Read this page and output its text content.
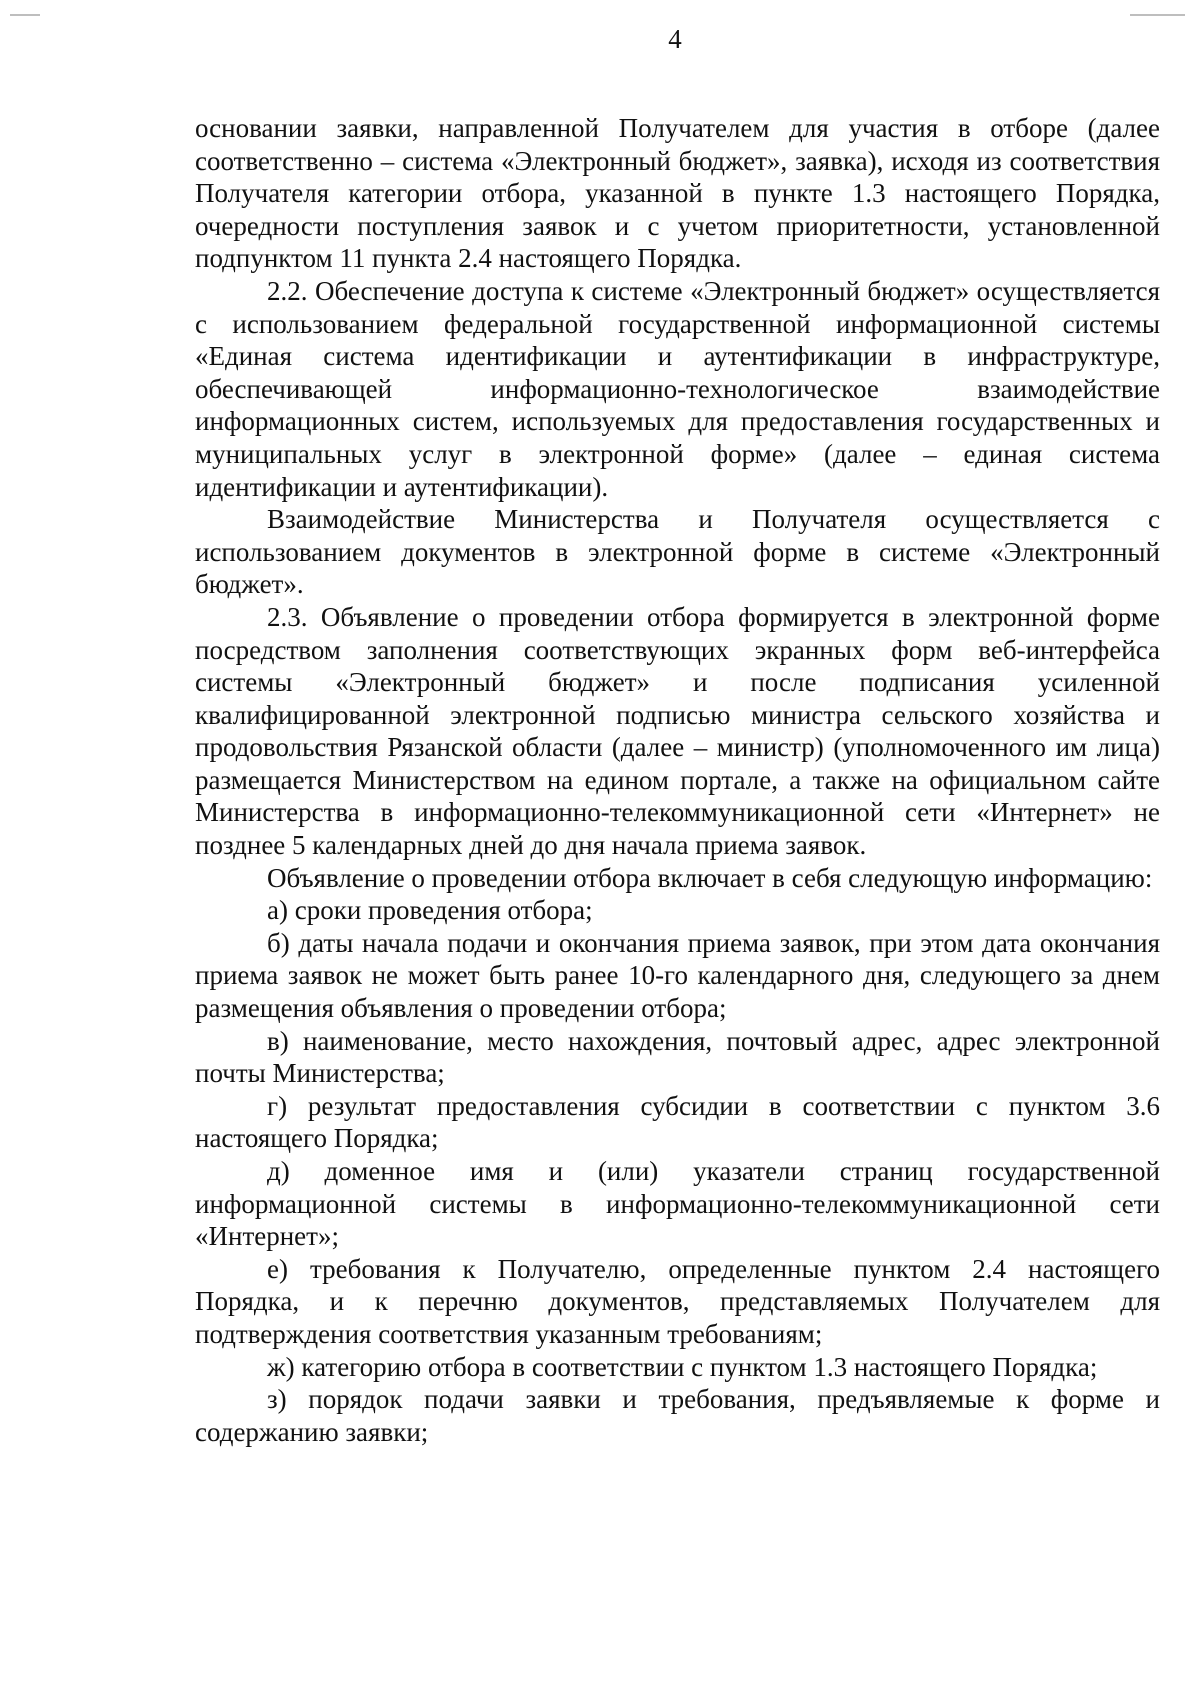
4

основании заявки, направленной Получателем для участия в отборе (далее соответственно – система «Электронный бюджет», заявка), исходя из соответствия Получателя категории отбора, указанной в пункте 1.3 настоящего Порядка, очередности поступления заявок и с учетом приоритетности, установленной подпунктом 11 пункта 2.4 настоящего Порядка.

2.2. Обеспечение доступа к системе «Электронный бюджет» осуществляется с использованием федеральной государственной информационной системы «Единая система идентификации и аутентификации в инфраструктуре, обеспечивающей информационно-технологическое взаимодействие информационных систем, используемых для предоставления государственных и муниципальных услуг в электронной форме» (далее – единая система идентификации и аутентификации).

Взаимодействие Министерства и Получателя осуществляется с использованием документов в электронной форме в системе «Электронный бюджет».

2.3. Объявление о проведении отбора формируется в электронной форме посредством заполнения соответствующих экранных форм веб-интерфейса системы «Электронный бюджет» и после подписания усиленной квалифицированной электронной подписью министра сельского хозяйства и продовольствия Рязанской области (далее – министр) (уполномоченного им лица) размещается Министерством на едином портале, а также на официальном сайте Министерства в информационно-телекоммуникационной сети «Интернет» не позднее 5 календарных дней до дня начала приема заявок.

Объявление о проведении отбора включает в себя следующую информацию:

а) сроки проведения отбора;

б) даты начала подачи и окончания приема заявок, при этом дата окончания приема заявок не может быть ранее 10-го календарного дня, следующего за днем размещения объявления о проведении отбора;

в) наименование, место нахождения, почтовый адрес, адрес электронной почты Министерства;

г) результат предоставления субсидии в соответствии с пунктом 3.6 настоящего Порядка;

д) доменное имя и (или) указатели страниц государственной информационной системы в информационно-телекоммуникационной сети «Интернет»;

е) требования к Получателю, определенные пунктом 2.4 настоящего Порядка, и к перечню документов, представляемых Получателем для подтверждения соответствия указанным требованиям;

ж) категорию отбора в соответствии с пунктом 1.3 настоящего Порядка;

з) порядок подачи заявки и требования, предъявляемые к форме и содержанию заявки;
